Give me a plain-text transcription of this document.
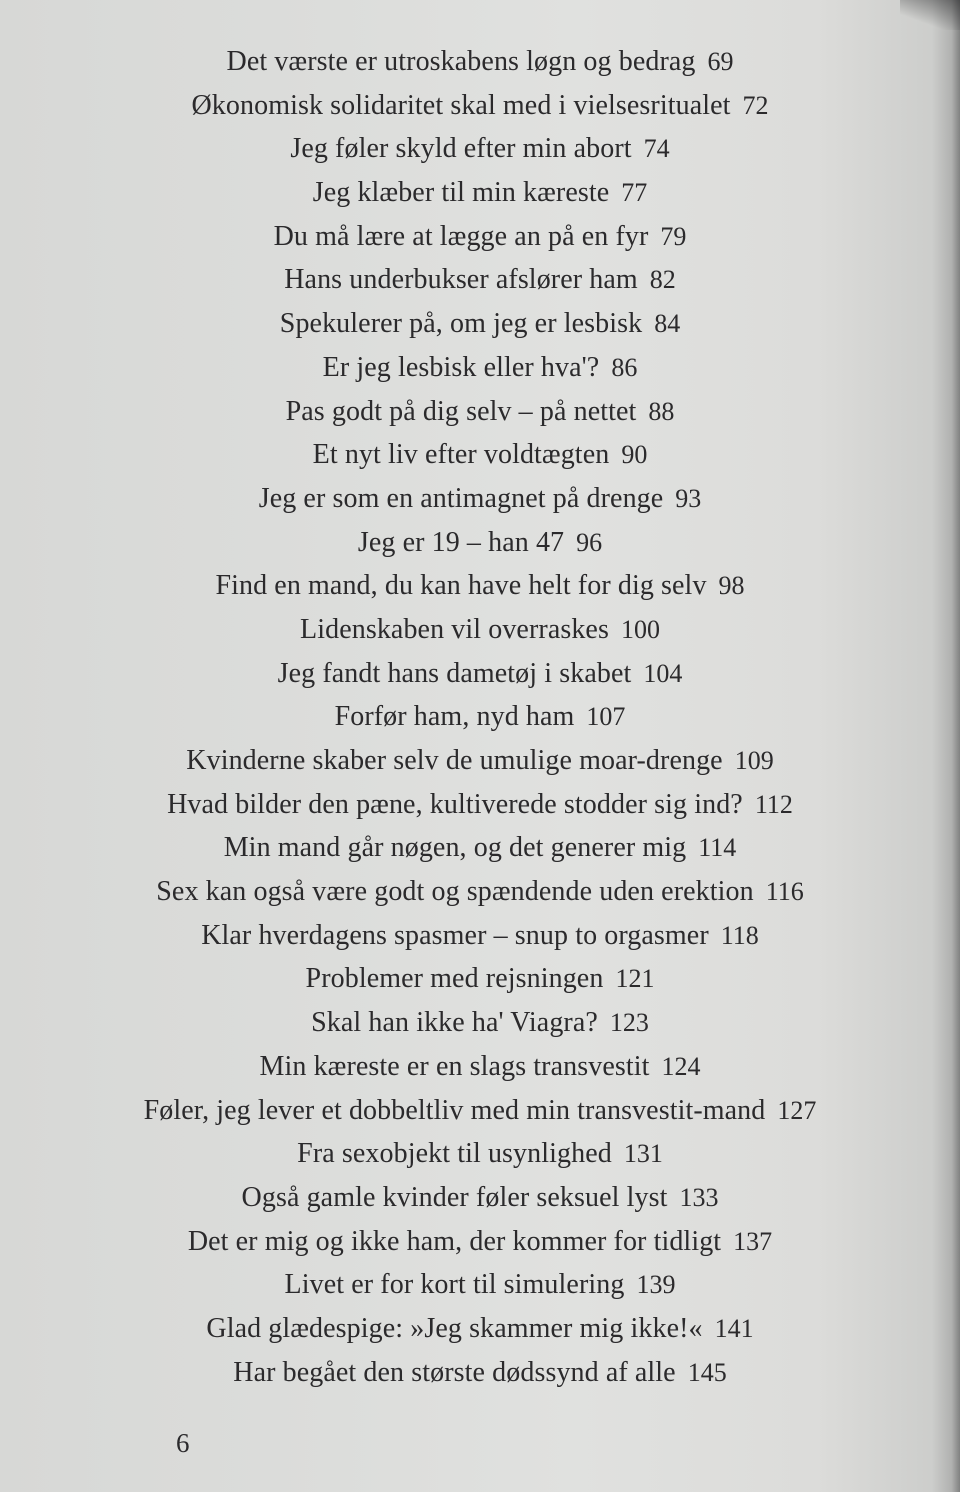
Det værste er utroskabens løgn og bedrag 69
Økonomisk solidaritet skal med i vielsesritualet 72
Jeg føler skyld efter min abort 74
Jeg klæber til min kæreste 77
Du må lære at lægge an på en fyr 79
Hans underbukser afslører ham 82
Spekulerer på, om jeg er lesbisk 84
Er jeg lesbisk eller hva'? 86
Pas godt på dig selv – på nettet 88
Et nyt liv efter voldtægten 90
Jeg er som en antimagnet på drenge 93
Jeg er 19 – han 47 96
Find en mand, du kan have helt for dig selv 98
Lidenskaben vil overraskes 100
Jeg fandt hans dametøj i skabet 104
Forfør ham, nyd ham 107
Kvinderne skaber selv de umulige moar-drenge 109
Hvad bilder den pæne, kultiverede stodder sig ind? 112
Min mand går nøgen, og det generer mig 114
Sex kan også være godt og spændende uden erektion 116
Klar hverdagens spasmer – snup to orgasmer 118
Problemer med rejsningen 121
Skal han ikke ha' Viagra? 123
Min kæreste er en slags transvestit 124
Føler, jeg lever et dobbeltliv med min transvestit-mand 127
Fra sexobjekt til usynlighed 131
Også gamle kvinder føler seksuel lyst 133
Det er mig og ikke ham, der kommer for tidligt 137
Livet er for kort til simulering 139
Glad glædespige: »Jeg skammer mig ikke!« 141
Har begået den største dødssynd af alle 145
6
